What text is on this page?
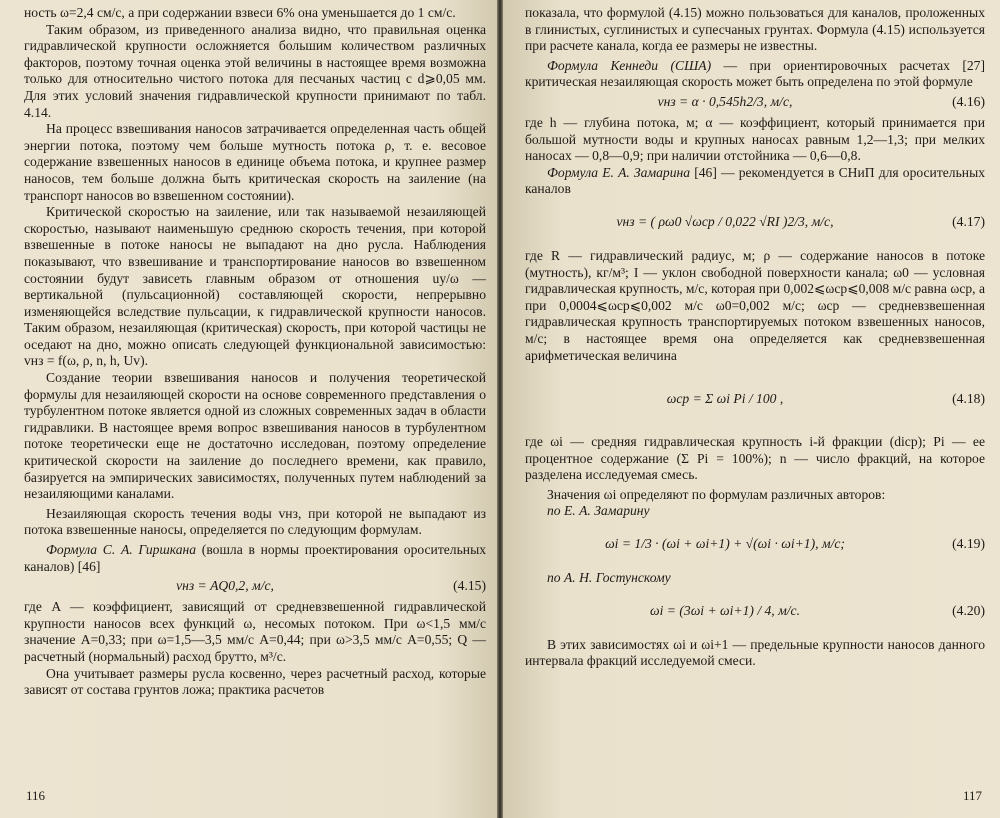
ность ω=2,4 см/с, а при содержании взвеси 6% она уменьшается до 1 см/с.

Таким образом, из приведенного анализа видно, что правильная оценка гидравлической крупности осложняется большим количеством различных факторов, поэтому точная оценка этой величины в настоящее время возможна только для относительно чистого потока для песчаных частиц с d⩾0,05 мм. Для этих условий значения гидравлической крупности принимают по табл. 4.14.

На процесс взвешивания наносов затрачивается определенная часть общей энергии потока, поэтому чем больше мутность потока ρ, т. е. весовое содержание взвешенных наносов в единице объема потока, и крупнее размер наносов, тем больше должна быть критическая скорость на заиление (на транспорт наносов во взвешенном состоянии).

Критической скоростью на заиление, или так называемой незаиляющей скоростью, называют наименьшую среднюю скорость течения, при которой взвешенные в потоке наносы не выпадают на дно русла. Наблюдения показывают, что взвешивание и транспортирование наносов во взвешенном состоянии будут зависеть главным образом от отношения uу/ω — вертикальной (пульсационной) составляющей скорости, непрерывно изменяющейся вследствие пульсации, к гидравлической крупности наносов. Таким образом, незаиляющая (критическая) скорость, при которой частицы не оседают на дно, можно описать следующей функциональной зависимостью: vнз = f(ω, ρ, n, h, Uv).

Создание теории взвешивания наносов и получения теоретической формулы для незаиляющей скорости на основе современного представления о турбулентном потоке является одной из сложных современных задач в области гидравлики. В настоящее время вопрос взвешивания наносов в турбулентном потоке теоретически еще не достаточно исследован, поэтому определение критической скорости на заиление до последнего времени, как правило, базируется на эмпирических зависимостях, полученных путем наблюдений за незаиляющими каналами.

Незаиляющая скорость течения воды vнз, при которой не выпадают из потока взвешенные наносы, определяется по следующим формулам.

Формула С. А. Гиршкана (вошла в нормы проектирования оросительных каналов) [46]

vнз = AQ0,2, м/с,	(4.15)

где A — коэффициент, зависящий от средневзвешенной гидравлической крупности наносов всех функций ω, несомых потоком. При ω<1,5 мм/с значение A=0,33; при ω=1,5—3,5 мм/с A=0,44; при ω>3,5 мм/с A=0,55; Q — расчетный (нормальный) расход брутто, м³/с.

Она учитывает размеры русла косвенно, через расчетный расход, которые зависят от состава грунтов ложа; практика расчетов

116

показала, что формулой (4.15) можно пользоваться для каналов, проложенных в глинистых, суглинистых и супесчаных грунтах. Формула (4.15) используется при расчете канала, когда ее размеры не известны.

Формула Кеннеди (США) — при ориентировочных расчетах [27] критическая незаиляющая скорость может быть определена по этой формуле

vнз = α · 0,545h2/3, м/с,	(4.16)

где h — глубина потока, м; α — коэффициент, который принимается при большой мутности воды и крупных наносах равным 1,2—1,3; при мелких наносах — 0,8—0,9; при наличии отстойника — 0,6—0,8.

Формула Е. А. Замарина [46] — рекомендуется в СНиП для оросительных каналов

vнз = ( ρω0 √ωср / 0,022 √RI )2/3, м/с,	(4.17)

где R — гидравлический радиус, м; ρ — содержание наносов в потоке (мутность), кг/м³; I — уклон свободной поверхности канала; ω0 — условная гидравлическая крупность, м/с, которая при 0,002⩽ωср⩽0,008 м/с равна ωср, а при 0,0004⩽ωср⩽0,002 м/с ω0=0,002 м/с; ωср — средневзвешенная гидравлическая крупность транспортируемых потоком взвешенных наносов, м/с; в настоящее время она определяется как средневзвешенная арифметическая величина

ωср = Σ ωi Pi / 100 ,	(4.18)

где ωi — средняя гидравлическая крупность i-й фракции (diср); Pi — ее процентное содержание (Σ Pi = 100%); n — число фракций, на которое разделена исследуемая смесь.

Значения ωi определяют по формулам различных авторов:

по Е. А. Замарину

ωi = 1/3 · (ωi + ωi+1) + √(ωi · ωi+1), м/с;	(4.19)

по А. Н. Гостунскому

ωi = (3ωi + ωi+1) / 4, м/с.	(4.20)

В этих зависимостях ωi и ωi+1 — предельные крупности наносов данного интервала фракций исследуемой смеси.

117
